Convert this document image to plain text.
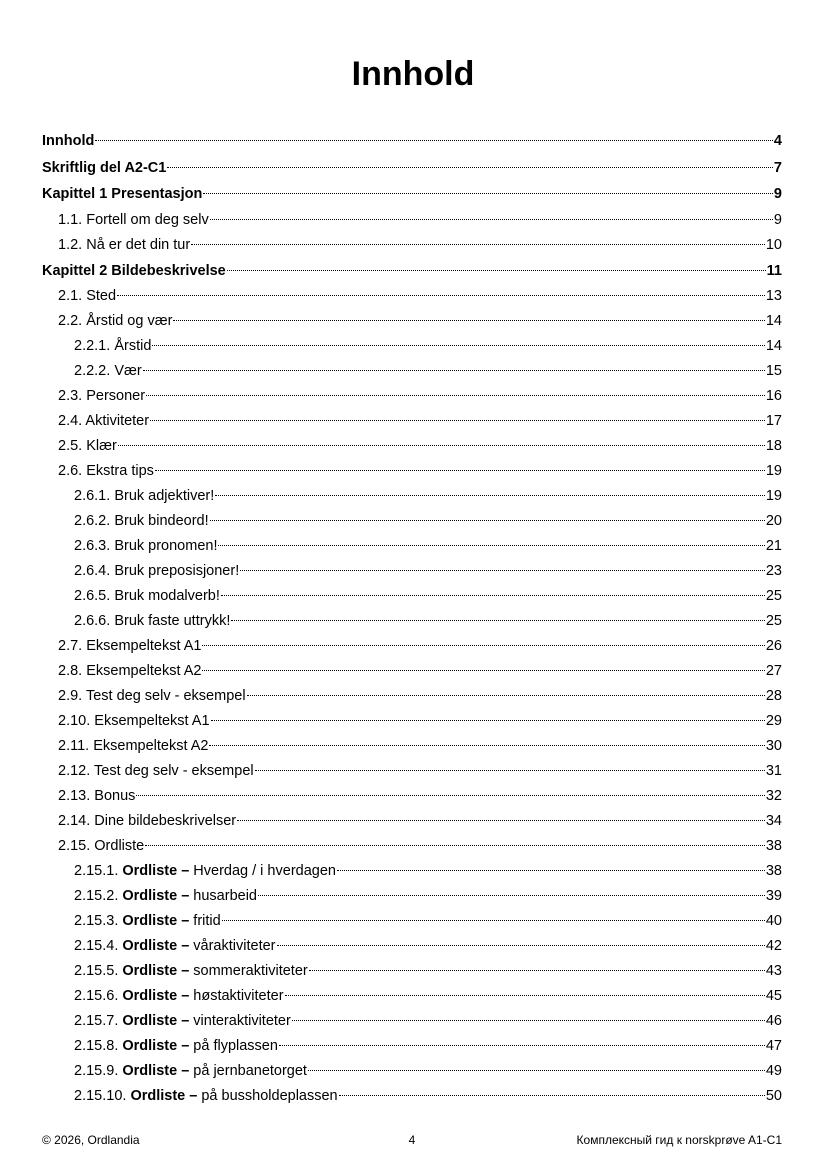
Innhold
Innhold	4
Skriftlig del A2-C1	7
Kapittel 1 Presentasjon	9
1.1. Fortell om deg selv	9
1.2. Nå er det din tur	10
Kapittel 2 Bildebeskrivelse	11
2.1. Sted	13
2.2. Årstid og vær	14
2.2.1. Årstid	14
2.2.2. Vær	15
2.3. Personer	16
2.4. Aktiviteter	17
2.5. Klær	18
2.6. Ekstra tips	19
2.6.1. Bruk adjektiver!	19
2.6.2. Bruk bindeord!	20
2.6.3. Bruk pronomen!	21
2.6.4. Bruk preposisjoner!	23
2.6.5. Bruk modalverb!	25
2.6.6. Bruk faste uttrykk!	25
2.7. Eksempeltekst A1	26
2.8. Eksempeltekst A2	27
2.9. Test deg selv - eksempel	28
2.10. Eksempeltekst A1	29
2.11. Eksempeltekst A2	30
2.12. Test deg selv - eksempel	31
2.13. Bonus	32
2.14. Dine bildebeskrivelser	34
2.15. Ordliste	38
2.15.1. Ordliste – Hverdag / i hverdagen	38
2.15.2. Ordliste – husarbeid	39
2.15.3. Ordliste – fritid	40
2.15.4. Ordliste – våraktiviteter	42
2.15.5. Ordliste – sommeraktiviteter	43
2.15.6. Ordliste – høstaktiviteter	45
2.15.7. Ordliste – vinteraktiviteter	46
2.15.8. Ordliste – på flyplassen	47
2.15.9. Ordliste – på jernbanetorget	49
2.15.10. Ordliste – på bussholdeplassen	50
© 2026, Ordlandia	4	Комплексный гид к norskprøve A1-C1
